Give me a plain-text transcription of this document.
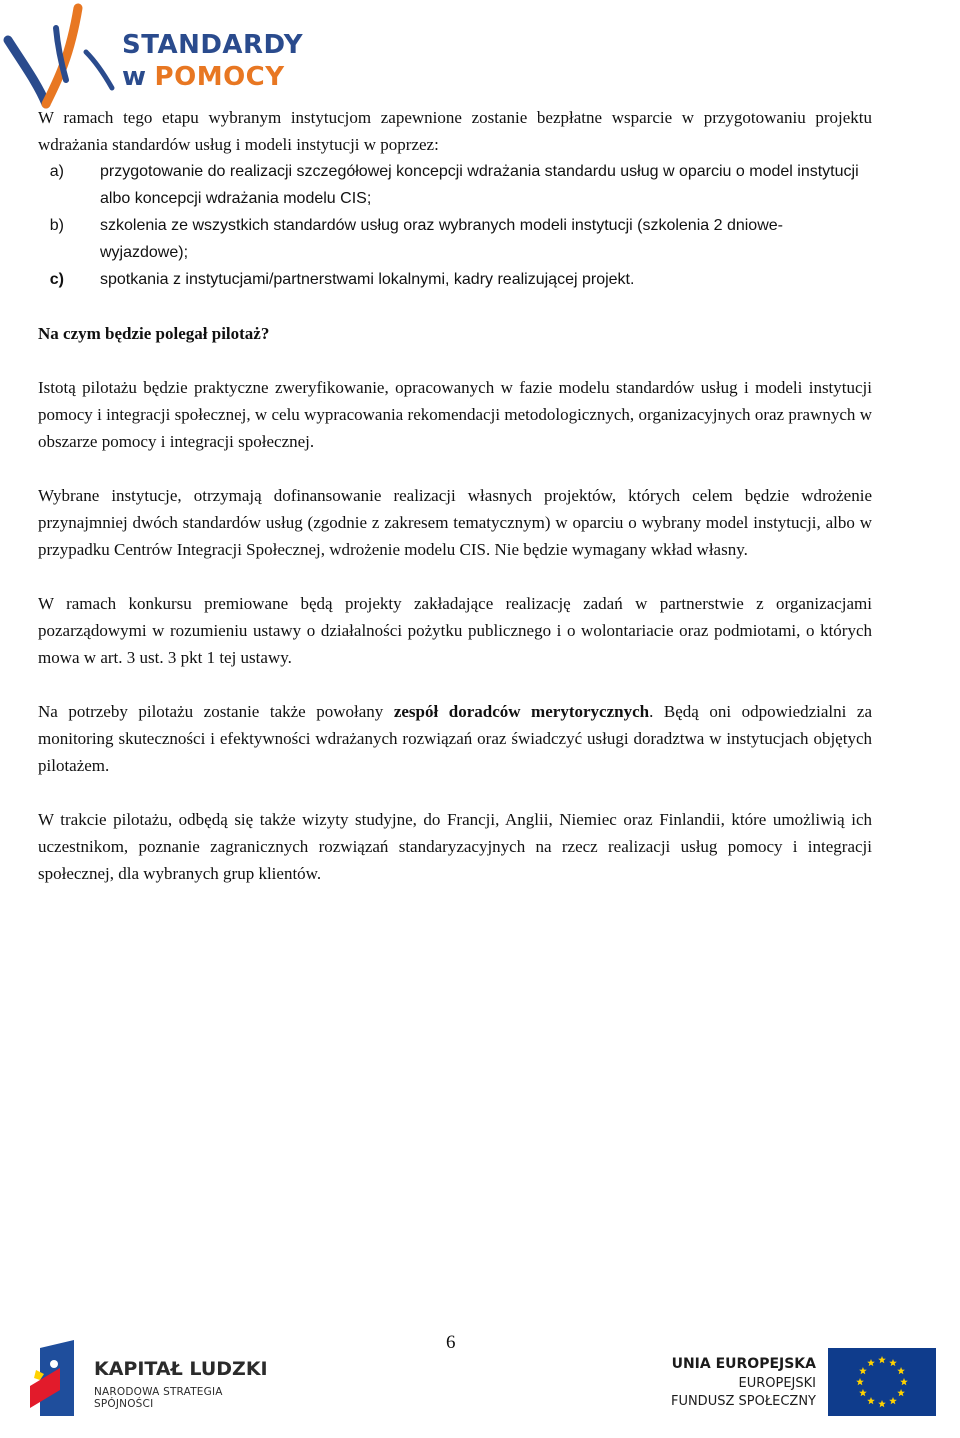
STANDARDY
w POMOCY

W ramach tego etapu wybranym instytucjom zapewnione zostanie bezpłatne wsparcie w przygotowaniu projektu wdrażania standardów usług i modeli instytucji w poprzez:

a)	przygotowanie do realizacji szczegółowej koncepcji wdrażania standardu usług w oparciu o model instytucji albo koncepcji wdrażania modelu CIS;
b)	szkolenia ze wszystkich standardów usług oraz wybranych modeli instytucji (szkolenia 2 dniowe- wyjazdowe);
c)	spotkania z instytucjami/partnerstwami lokalnymi, kadry realizującej projekt.
Na czym będzie polegał pilotaż?

Istotą pilotażu będzie praktyczne zweryfikowanie, opracowanych w fazie modelu standardów usług i modeli instytucji pomocy i integracji społecznej, w celu wypracowania rekomendacji metodologicznych, organizacyjnych oraz prawnych w obszarze pomocy i integracji społecznej.

Wybrane instytucje, otrzymają dofinansowanie realizacji własnych projektów, których celem będzie wdrożenie przynajmniej dwóch standardów usług (zgodnie z zakresem tematycznym) w oparciu o wybrany model instytucji, albo w przypadku Centrów Integracji Społecznej, wdrożenie modelu CIS. Nie będzie wymagany wkład własny.

W ramach konkursu premiowane będą projekty zakładające realizację zadań w partnerstwie z organizacjami pozarządowymi w rozumieniu ustawy o działalności pożytku publicznego i o wolontariacie oraz podmiotami, o których mowa w art. 3 ust. 3 pkt 1 tej ustawy.

Na potrzeby pilotażu zostanie także powołany zespół doradców merytorycznych. Będą oni odpowiedzialni za monitoring skuteczności i efektywności wdrażanych rozwiązań oraz świadczyć usługi doradztwa w instytucjach objętych pilotażem.

W trakcie pilotażu, odbędą się także wizyty studyjne, do Francji, Anglii, Niemiec oraz Finlandii, które umożliwią ich uczestnikom, poznanie zagranicznych rozwiązań standaryzacyjnych na rzecz realizacji usług pomocy i integracji społecznej, dla wybranych grup klientów.

6
KAPITAŁ LUDZKI
NARODOWA STRATEGIA SPÓJNOŚCI
UNIA EUROPEJSKA
EUROPEJSKI
FUNDUSZ SPOŁECZNY
